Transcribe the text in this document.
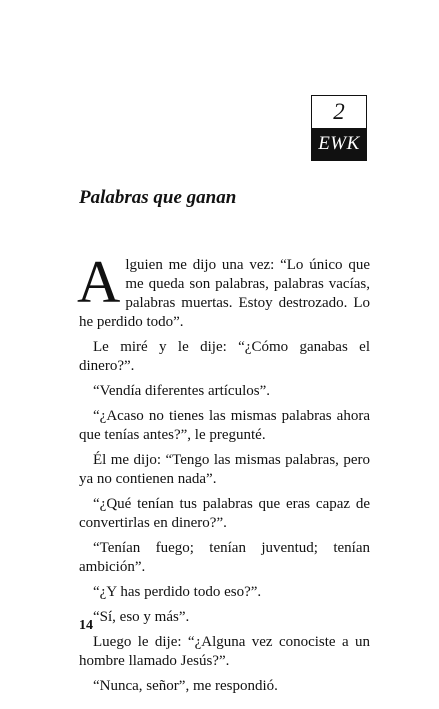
2
EWK
Palabras que ganan

Alguien me dijo una vez: “Lo único que me queda son palabras, palabras vacías, palabras muertas. Estoy destrozado. Lo he perdido todo”.

Le miré y le dije: “¿Cómo ganabas el dinero?”.

“Vendía diferentes artículos”.

“¿Acaso no tienes las mismas palabras ahora que tenías antes?”, le pregunté.

Él me dijo: “Tengo las mismas palabras, pero ya no contienen nada”.

“¿Qué tenían tus palabras que eras capaz de convertirlas en dinero?”.

“Tenían fuego; tenían juventud; tenían ambición”.

“¿Y has perdido todo eso?”.

“Sí, eso y más”.

Luego le dije: “¿Alguna vez conociste a un hombre llamado Jesús?”.

“Nunca, señor”, me respondió.

14
